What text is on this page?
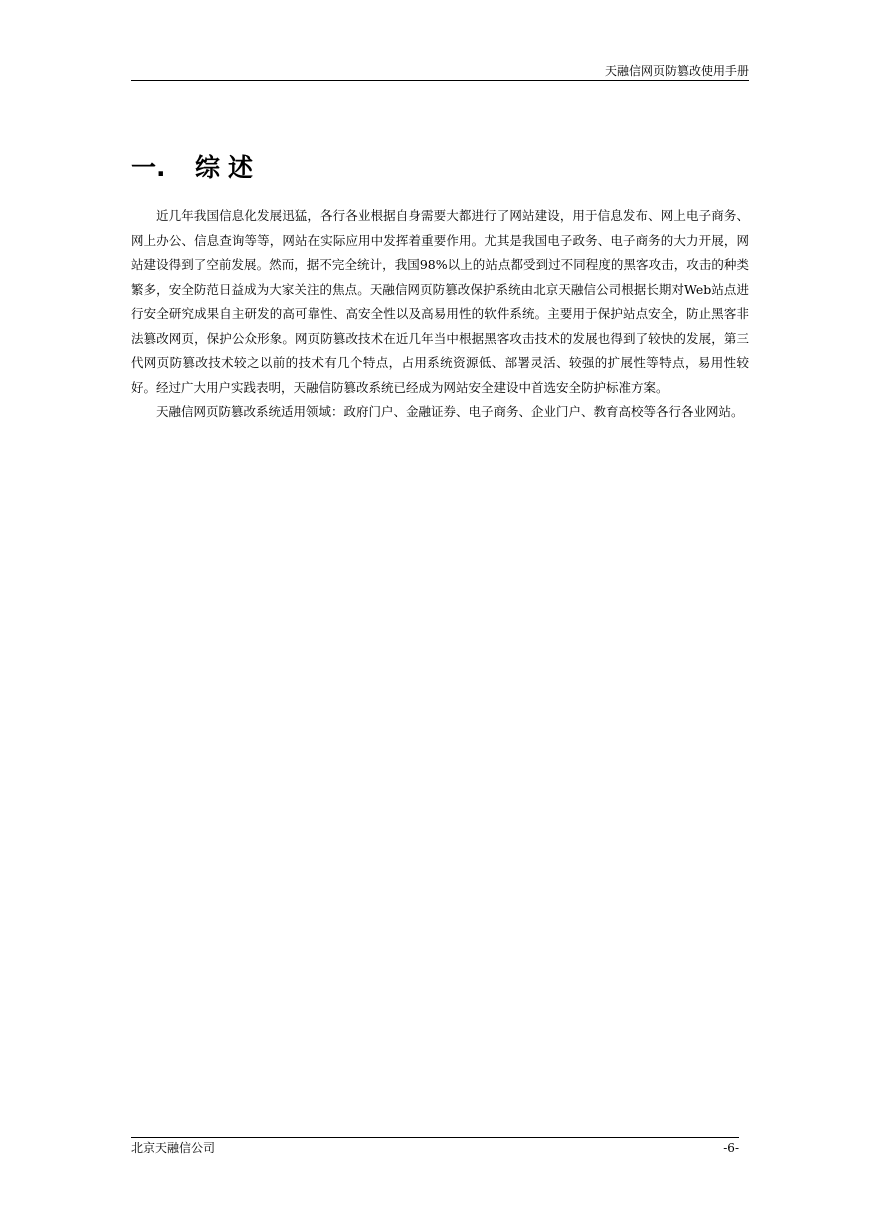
天融信网页防篡改使用手册
一. 综述

近几年我国信息化发展迅猛，各行各业根据自身需要大都进行了网站建设，用于信息发布、网上电子商务、网上办公、信息查询等等，网站在实际应用中发挥着重要作用。尤其是我国电子政务、电子商务的大力开展，网站建设得到了空前发展。然而，据不完全统计，我国98%以上的站点都受到过不同程度的黑客攻击，攻击的种类繁多，安全防范日益成为大家关注的焦点。天融信网页防篡改保护系统由北京天融信公司根据长期对Web站点进行安全研究成果自主研发的高可靠性、高安全性以及高易用性的软件系统。主要用于保护站点安全，防止黑客非法篡改网页，保护公众形象。网页防篡改技术在近几年当中根据黑客攻击技术的发展也得到了较快的发展，第三代网页防篡改技术较之以前的技术有几个特点，占用系统资源低、部署灵活、较强的扩展性等特点，易用性较好。经过广大用户实践表明，天融信防篡改系统已经成为网站安全建设中首选安全防护标准方案。

天融信网页防篡改系统适用领域：政府门户、金融证券、电子商务、企业门户、教育高校等各行各业网站。

北京天融信公司	-6-
